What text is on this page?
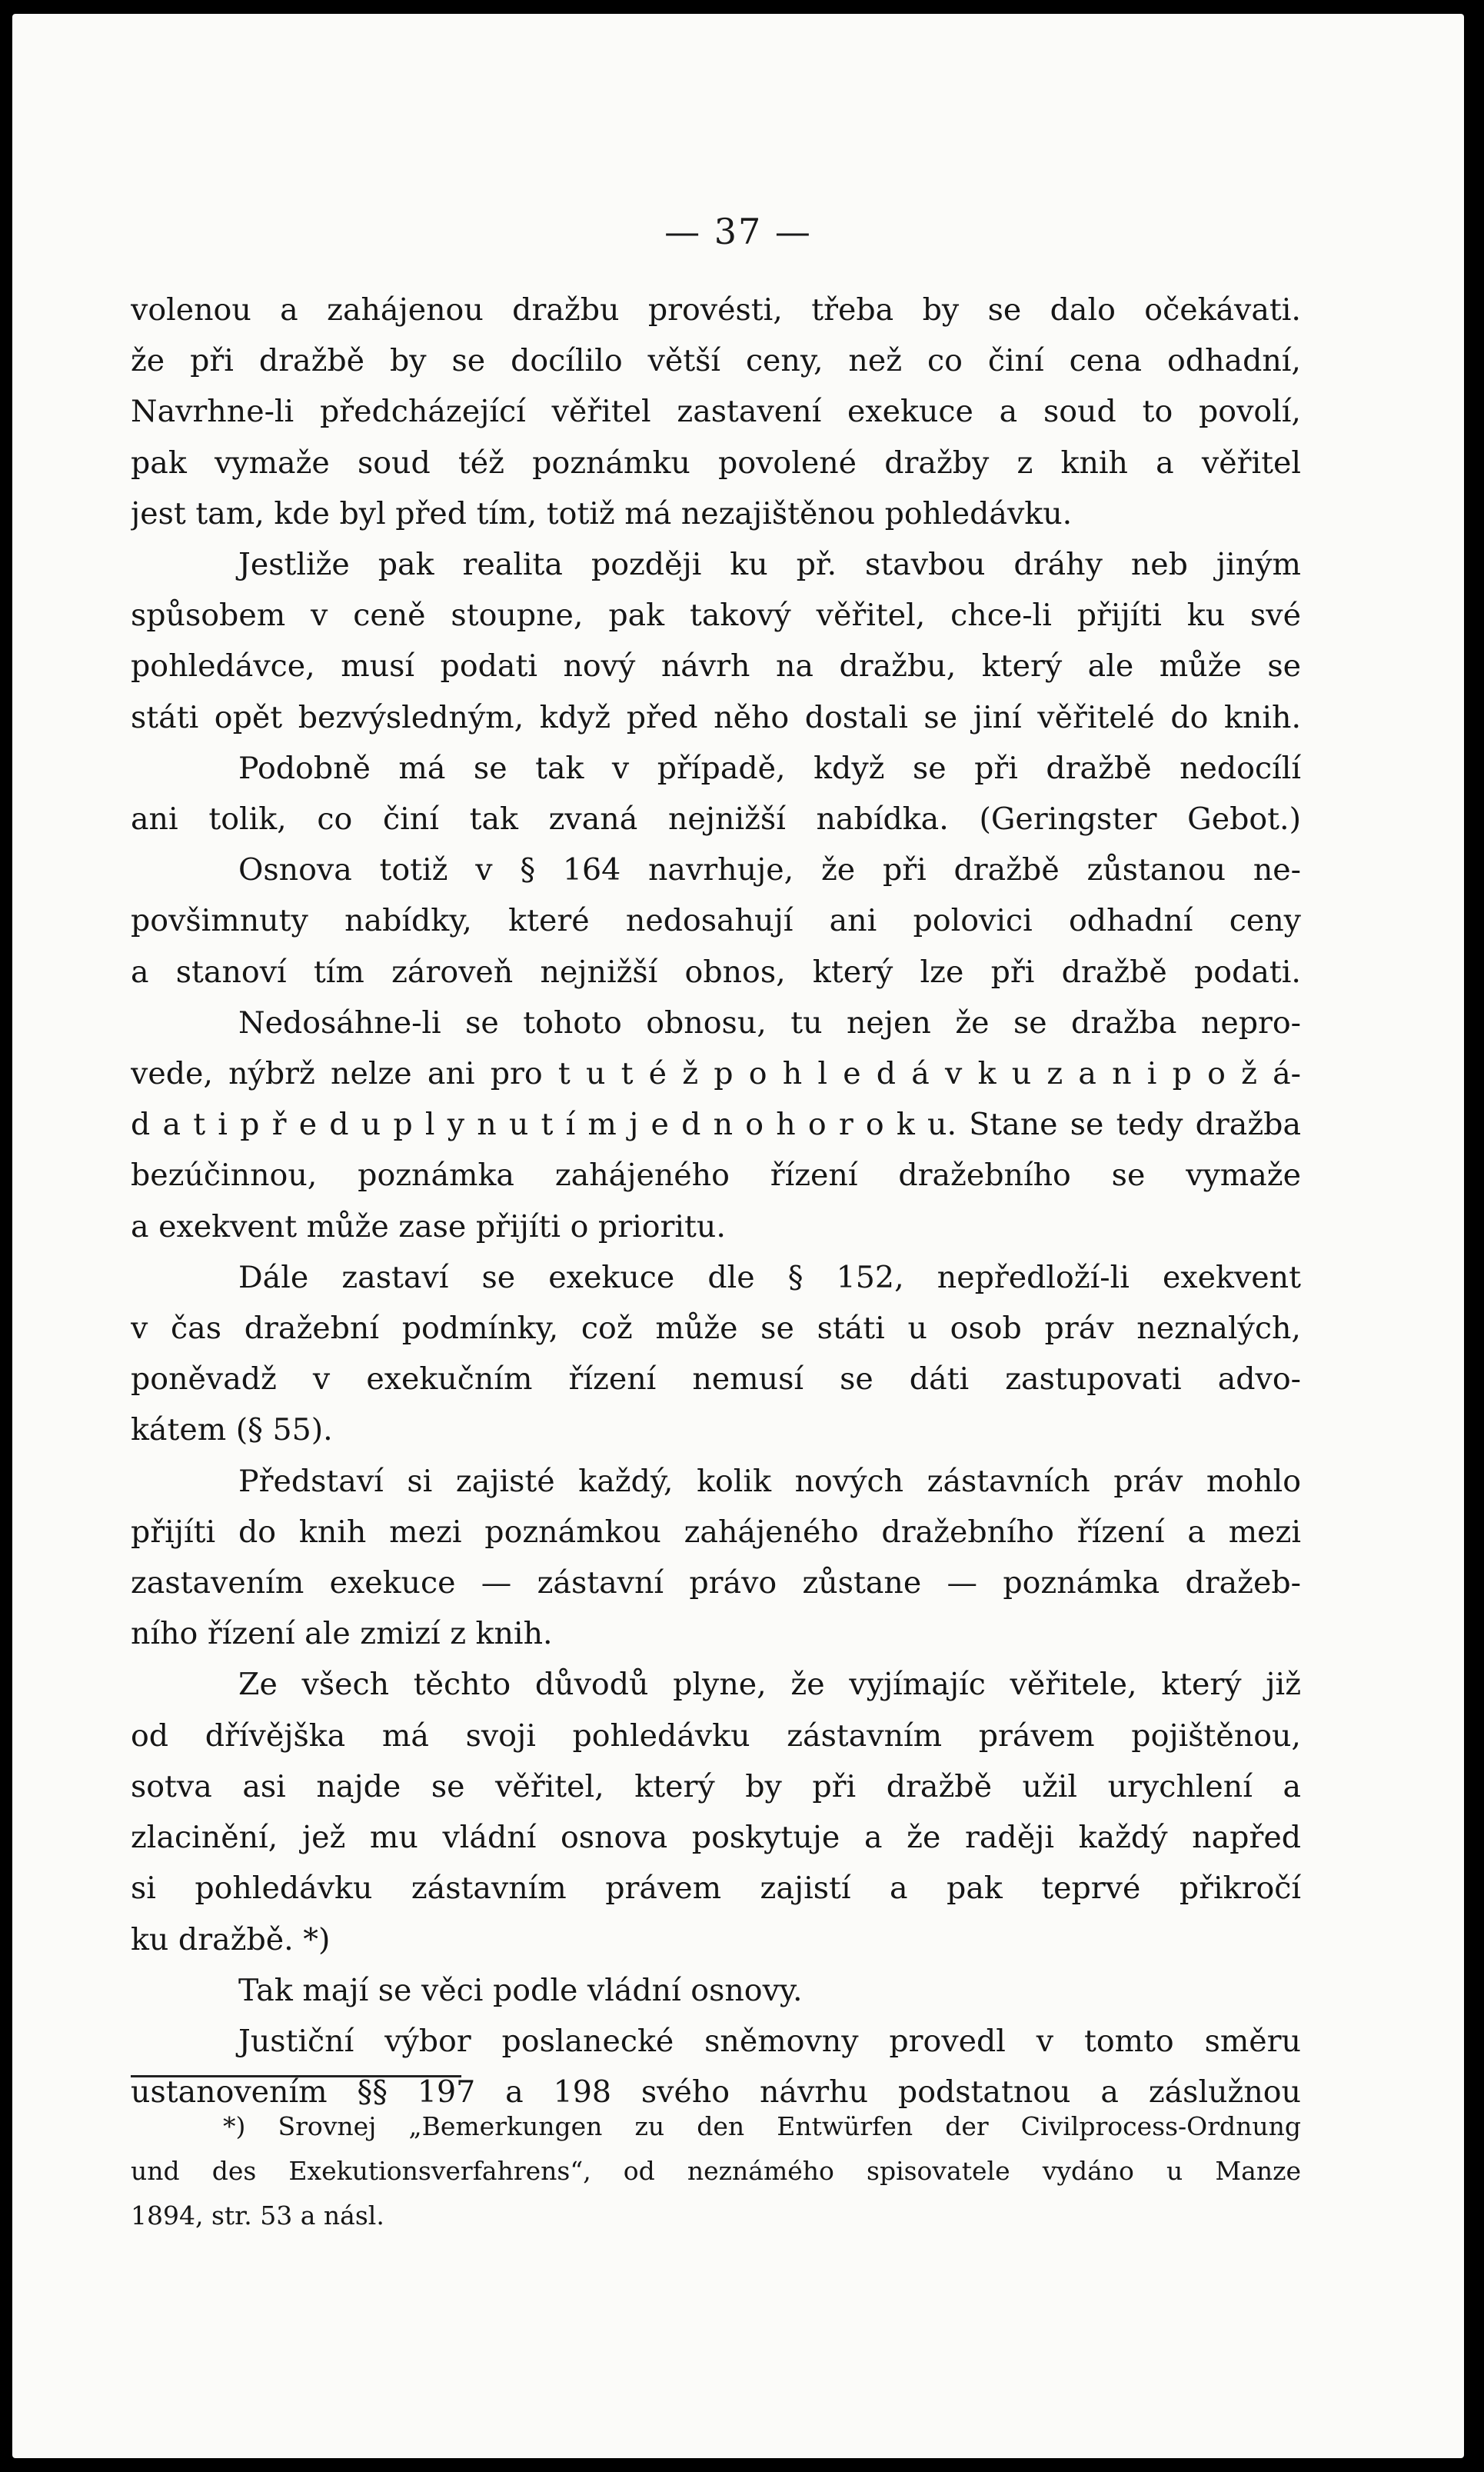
— 37 —
volenou a zahájenou dražbu provésti, třeba by se dalo očekávati.
že při dražbě by se docílilo větší ceny, než co činí cena odhadní,
Navrhne-li předcházející věřitel zastavení exekuce a soud to povolí,
pak vymaže soud též poznámku povolené dražby z knih a věřitel
jest tam, kde byl před tím, totiž má nezajištěnou pohledávku.
Jestliže pak realita později ku př. stavbou dráhy neb jiným
spůsobem v ceně stoupne, pak takový věřitel, chce-li přijíti ku své
pohledávce, musí podati nový návrh na dražbu, který ale může se
státi opět bezvýsledným, když před něho dostali se jiní věřitelé do knih.
Podobně má se tak v případě, když se při dražbě nedocílí
ani tolik, co činí tak zvaná nejnižší nabídka. (Geringster Gebot.)
Osnova totiž v § 164 navrhuje, že při dražbě zůstanou ne-
povšimnuty nabídky, které nedosahují ani polovici odhadní ceny
a stanoví tím zároveň nejnižší obnos, který lze při dražbě podati.
Nedosáhne-li se tohoto obnosu, tu nejen že se dražba nepro-
vede, nýbrž nelze ani pro t u t é ž p o h l e d á v k u z a n i p o ž á-
d a t i p ř e d u p l y n u t í m j e d n o h o r o k u. Stane se tedy dražba
bezúčinnou, poznámka zahájeného řízení dražebního se vymaže
a exekvent může zase přijíti o prioritu.
Dále zastaví se exekuce dle § 152, nepředloží-li exekvent
v čas dražební podmínky, což může se státi u osob práv neznalých,
poněvadž v exekučním řízení nemusí se dáti zastupovati advo-
kátem (§ 55).
Představí si zajisté každý, kolik nových zástavních práv mohlo
přijíti do knih mezi poznámkou zahájeného dražebního řízení a mezi
zastavením exekuce — zástavní právo zůstane — poznámka dražeb-
ního řízení ale zmizí z knih.
Ze všech těchto důvodů plyne, že vyjímajíc věřitele, který již
od dřívějška má svoji pohledávku zástavním právem pojištěnou,
sotva asi najde se věřitel, který by při dražbě užil urychlení a
zlacinění, jež mu vládní osnova poskytuje a že raději každý napřed
si pohledávku zástavním právem zajistí a pak teprvé přikročí
ku dražbě. *)
Tak mají se věci podle vládní osnovy.
Justiční výbor poslanecké sněmovny provedl v tomto směru
ustanovením §§ 197 a 198 svého návrhu podstatnou a záslužnou
*) Srovnej „Bemerkungen zu den Entwürfen der Civilprocess-Ordnung
und des Exekutionsverfahrens“, od neznámého spisovatele vydáno u Manze
1894, str. 53 a násl.
